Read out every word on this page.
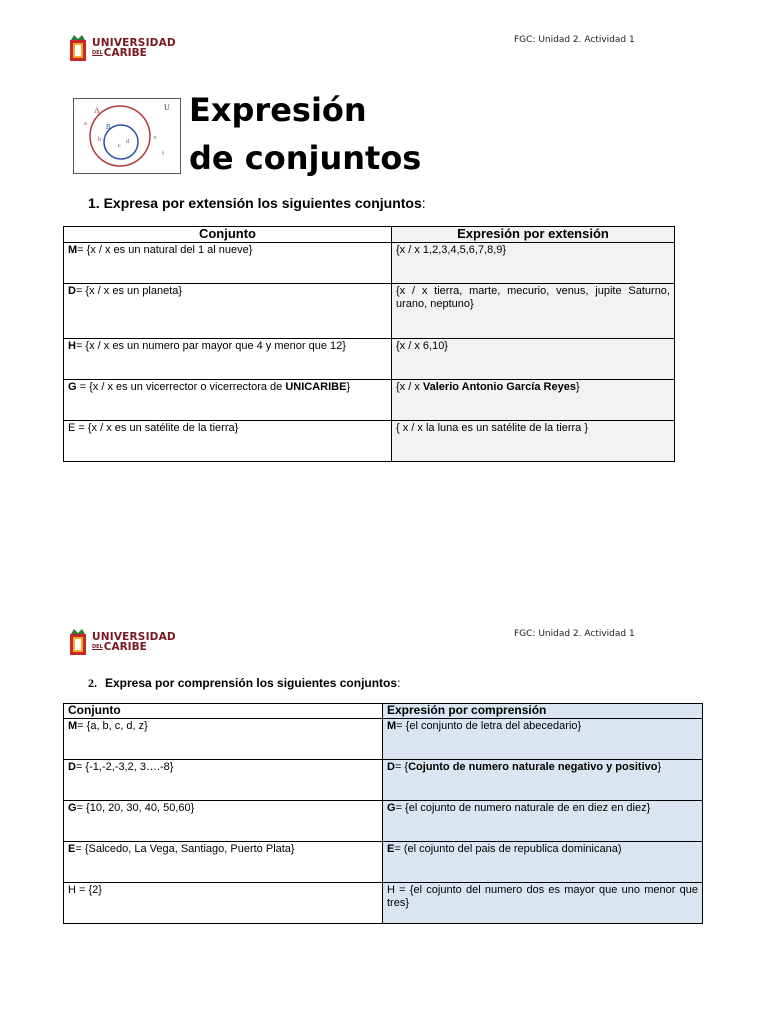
UNIVERSIDAD
DELCARIBE
FGC: Unidad 2. Actividad 1
A
B
U
a
b
c
d
e
f
Expresión
de conjuntos
1. Expresa por extensión los siguientes conjuntos:
Conjunto	Expresión por extensión
M= {x / x es un natural del 1 al nueve}	{x / x 1,2,3,4,5,6,7,8,9}
D= {x / x es un planeta}	{x / x tierra, marte, mecurio, venus, jupite Saturno, urano, neptuno}
H= {x / x es un numero par mayor que 4 y menor que 12}	{x / x 6,10}
G = {x / x es un vicerrector o vicerrectora de UNICARIBE}	{x / x Valerio Antonio García Reyes}
E = {x / x es un satélite de la tierra}	{ x / x la luna es un satélite de la tierra }
UNIVERSIDAD
DELCARIBE
FGC: Unidad 2. Actividad 1
2. Expresa por comprensión los siguientes conjuntos:
Conjunto	Expresión por comprensión
M= {a, b, c, d, z}	M= {el conjunto de letra del abecedario}
D= {-1,-2,-3,2, 3….-8}	D= {Cojunto de numero naturale negativo y positivo}
G= {10, 20, 30, 40, 50,60}	G= {el cojunto de numero naturale de en diez en diez}
E= {Salcedo, La Vega, Santiago, Puerto Plata}	E= (el cojunto del pais de republica dominicana)
H = {2}	H = {el cojunto del numero dos es mayor que uno menor que tres}
